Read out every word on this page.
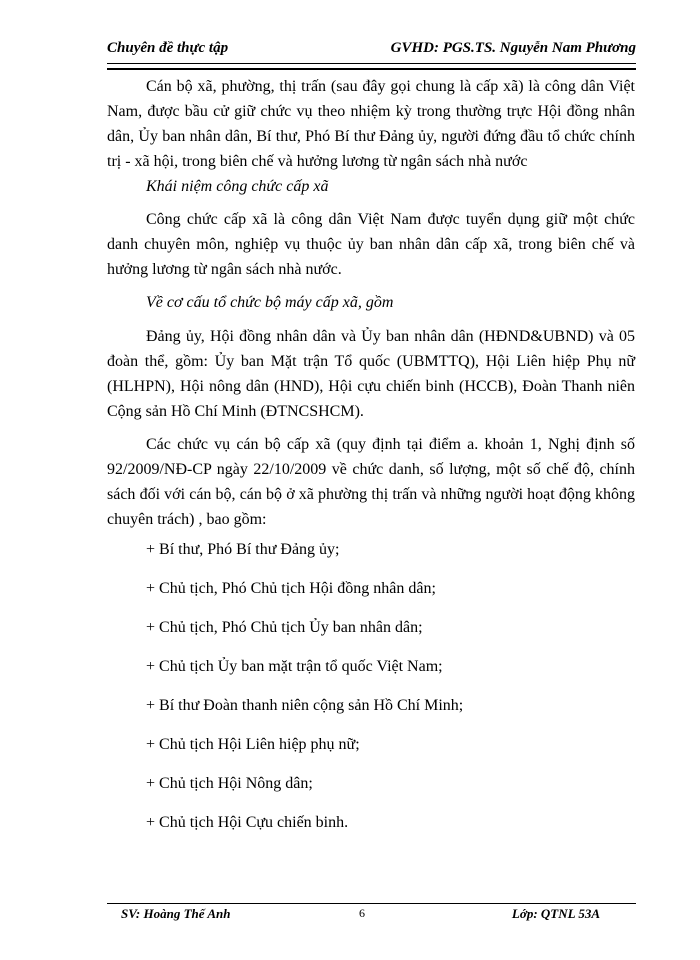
Chuyên đề thực tập	GVHD: PGS.TS. Nguyễn Nam Phương

Cán bộ xã, phường, thị trấn (sau đây gọi chung là cấp xã) là công dân Việt Nam, được bầu cử giữ chức vụ theo nhiệm kỳ trong thường trực Hội đồng nhân dân, Ủy ban nhân dân, Bí thư, Phó Bí thư Đảng ủy, người đứng đầu tổ chức chính trị - xã hội, trong biên chế và hưởng lương từ ngân sách nhà nước

Khái niệm công chức cấp xã

Công chức cấp xã là công dân Việt Nam được tuyển dụng giữ một chức danh chuyên môn, nghiệp vụ thuộc ủy ban nhân dân cấp xã, trong biên chế và hưởng lương từ ngân sách nhà nước.

Về cơ cấu tổ chức bộ máy cấp xã, gồm

Đảng ủy, Hội đồng nhân dân và Ủy ban nhân dân (HĐND&UBND) và 05 đoàn thể, gồm: Ủy ban Mặt trận Tổ quốc (UBMTTQ), Hội Liên hiệp Phụ nữ (HLHPN), Hội nông dân (HND), Hội cựu chiến binh (HCCB), Đoàn Thanh niên Cộng sản Hồ Chí Minh (ĐTNCSHCM).

Các chức vụ cán bộ cấp xã (quy định tại điểm a. khoản 1, Nghị định số 92/2009/NĐ-CP ngày 22/10/2009 về chức danh, số lượng, một số chế độ, chính sách đối với cán bộ, cán bộ ở xã phường thị trấn và những người hoạt động không chuyên trách) , bao gồm:

+ Bí thư, Phó Bí thư Đảng ủy;

+ Chủ tịch, Phó Chủ tịch Hội đồng nhân dân;

+ Chủ tịch, Phó Chủ tịch Ủy ban nhân dân;

+ Chủ tịch Ủy ban mặt trận tổ quốc Việt Nam;

+ Bí thư Đoàn thanh niên cộng sản Hồ Chí Minh;

+ Chủ tịch Hội Liên hiệp phụ nữ;

+ Chủ tịch Hội Nông dân;

+ Chủ tịch Hội Cựu chiến binh.

SV: Hoàng Thế Anh	6	Lớp: QTNL 53A
